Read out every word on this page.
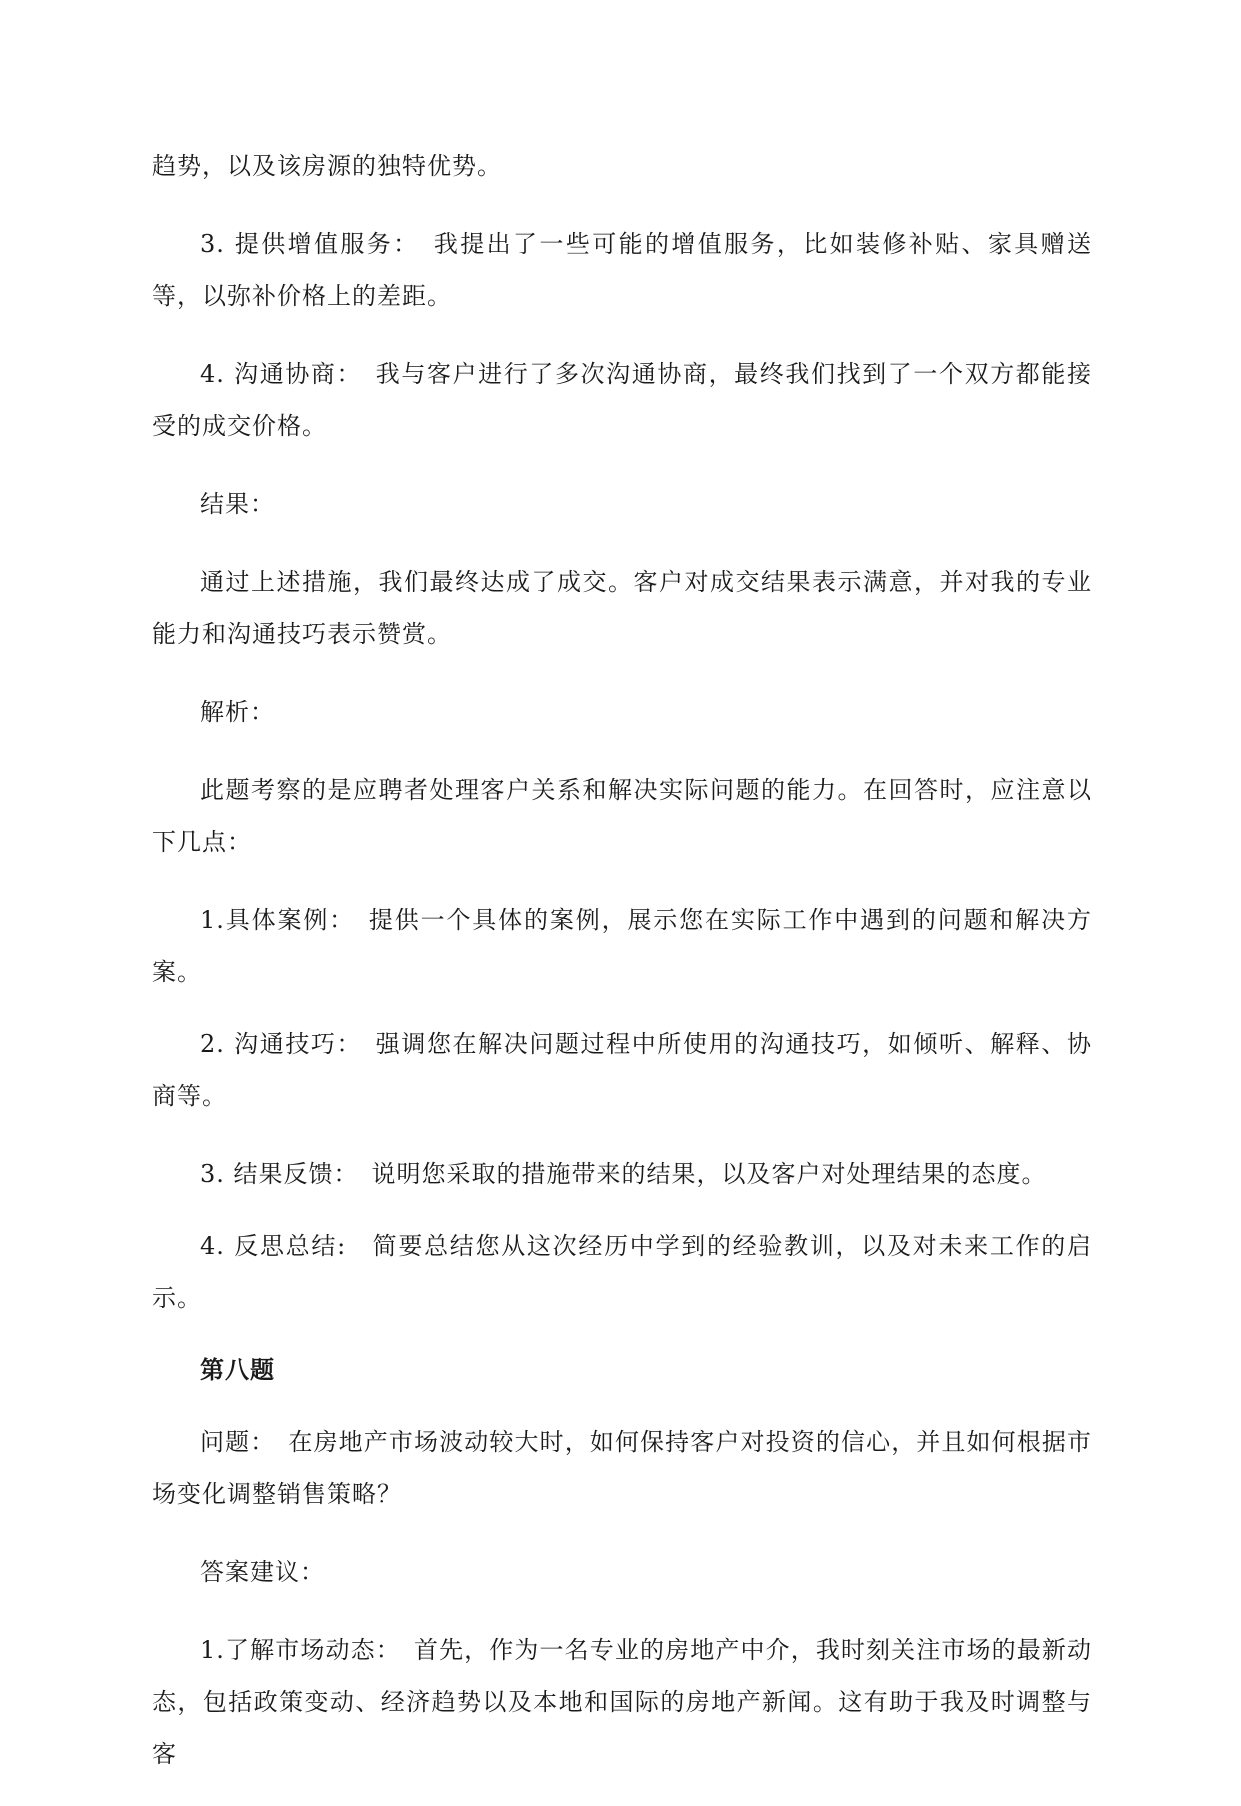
趋势，以及该房源的独特优势。

3. 提供增值服务：　我提出了一些可能的增值服务，比如装修补贴、家具赠送等，以弥补价格上的差距。

4. 沟通协商：　我与客户进行了多次沟通协商，最终我们找到了一个双方都能接受的成交价格。

结果：

通过上述措施，我们最终达成了成交。客户对成交结果表示满意，并对我的专业能力和沟通技巧表示赞赏。

解析：

此题考察的是应聘者处理客户关系和解决实际问题的能力。在回答时，应注意以下几点：

1.具体案例：　提供一个具体的案例，展示您在实际工作中遇到的问题和解决方案。

2. 沟通技巧：　强调您在解决问题过程中所使用的沟通技巧，如倾听、解释、协商等。

3. 结果反馈：　说明您采取的措施带来的结果，以及客户对处理结果的态度。

4. 反思总结:　简要总结您从这次经历中学到的经验教训，以及对未来工作的启示。

第八题

问题：　在房地产市场波动较大时，如何保持客户对投资的信心，并且如何根据市场变化调整销售策略？

答案建议：

1.了解市场动态：　首先，作为一名专业的房地产中介，我时刻关注市场的最新动态，包括政策变动、经济趋势以及本地和国际的房地产新闻。这有助于我及时调整与客
